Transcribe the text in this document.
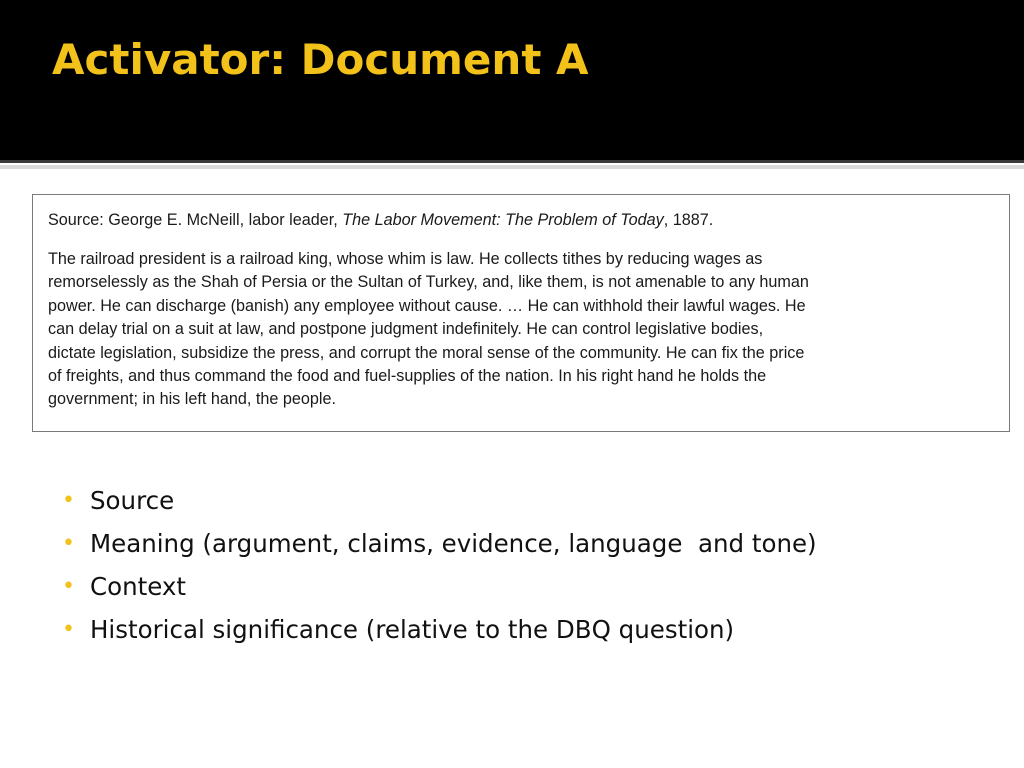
Activator: Document A
Source: George E. McNeill, labor leader, The Labor Movement: The Problem of Today, 1887.
The railroad president is a railroad king, whose whim is law. He collects tithes by reducing wages as
remorselessly as the Shah of Persia or the Sultan of Turkey, and, like them, is not amenable to any human
power. He can discharge (banish) any employee without cause. … He can withhold their lawful wages. He
can delay trial on a suit at law, and postpone judgment indefinitely. He can control legislative bodies,
dictate legislation, subsidize the press, and corrupt the moral sense of the community. He can fix the price
of freights, and thus command the food and fuel-supplies of the nation. In his right hand he holds the
government; in his left hand, the people.
• Source
• Meaning (argument, claims, evidence, language  and tone)
• Context
• Historical significance (relative to the DBQ question)
